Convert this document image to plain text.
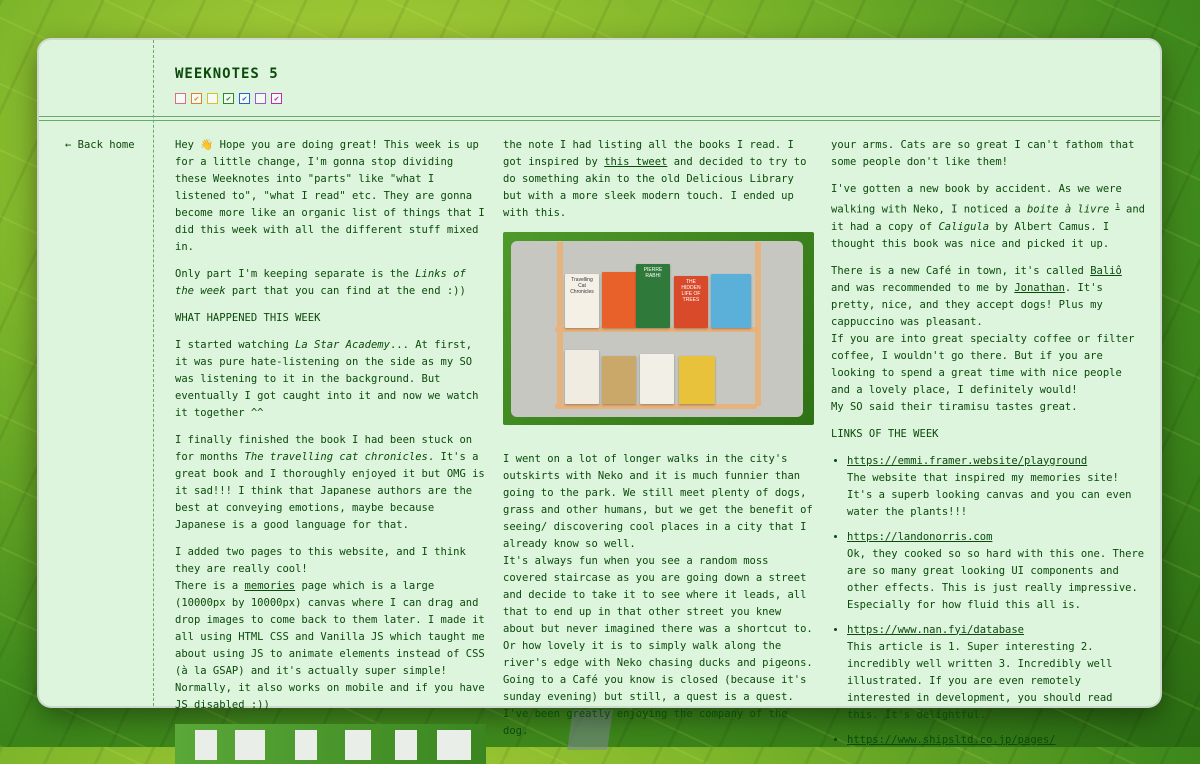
WEEKNOTES 5
✔	✔	✔	✔
← Back home	Hey 👋 Hope you are doing great! This week is up for a little change, I'm gonna stop dividing these Weeknotes into "parts" like "what I listened to", "what I read" etc. They are gonna become more like an organic list of things that I did this week with all the different stuff mixed in.

Only part I'm keeping separate is the Links of the week part that you can find at the end :))

WHAT HAPPENED THIS WEEK

I started watching La Star Academy... At first, it was pure hate-listening on the side as my SO was listening to it in the background. But eventually I got caught into it and now we watch it together ^^

I finally finished the book I had been stuck on for months The travelling cat chronicles. It's a great book and I thoroughly enjoyed it but OMG is it sad!!! I think that Japanese authors are the best at conveying emotions, maybe because Japanese is a good language for that.

I added two pages to this website, and I think they are really cool!
There is a memories page which is a large (10000px by 10000px) canvas where I can drag and drop images to come back to them later. I made it all using HTML CSS and Vanilla JS which taught me about using JS to animate elements instead of CSS (à la GSAP) and it's actually super simple! Normally, it also works on mobile and if you have JS disabled :))

the note I had listing all the books I read. I got inspired by this tweet and decided to try to do something akin to the old Delicious Library but with a more sleek modern touch. I ended up with this.

Travelling Cat Chronicles
PIERRE RABHI
THE HIDDEN LIFE OF TREES

I went on a lot of longer walks in the city's outskirts with Neko and it is much funnier than going to the park. We still meet plenty of dogs, grass and other humans, but we get the benefit of seeing/ discovering cool places in a city that I already know so well.
It's always fun when you see a random moss covered staircase as you are going down a street and decide to take it to see where it leads, all that to end up in that other street you knew about but never imagined there was a shortcut to.
Or how lovely it is to simply walk along the river's edge with Neko chasing ducks and pigeons. Going to a Café you know is closed (because it's sunday evening) but still, a quest is a quest.
I've been greatly enjoying the company of the dog.

your arms. Cats are so great I can't fathom that some people don't like them!

I've gotten a new book by accident. As we were walking with Neko, I noticed a boite à livre $^1$ and it had a copy of Caligula by Albert Camus. I thought this book was nice and picked it up.

There is a new Café in town, it's called Baliô and was recommended to me by Jonathan. It's pretty, nice, and they accept dogs! Plus my cappuccino was pleasant.
If you are into great specialty coffee or filter coffee, I wouldn't go there. But if you are looking to spend a great time with nice people and a lovely place, I definitely would!
My SO said their tiramisu tastes great.

LINKS OF THE WEEK

• https://emmi.framer.website/playground
The website that inspired my memories site! It's a superb looking canvas and you can even water the plants!!!
• https://landonorris.com
Ok, they cooked so so hard with this one. There are so many great looking UI components and other effects. This is just really impressive. Especially for how fluid this all is.
• https://www.nan.fyi/database
This article is 1. Super interesting 2. incredibly well written 3. Incredibly well illustrated. If you are even remotely interested in development, you should read this. It's delightful.
• https://www.shipsltd.co.jp/pages/
